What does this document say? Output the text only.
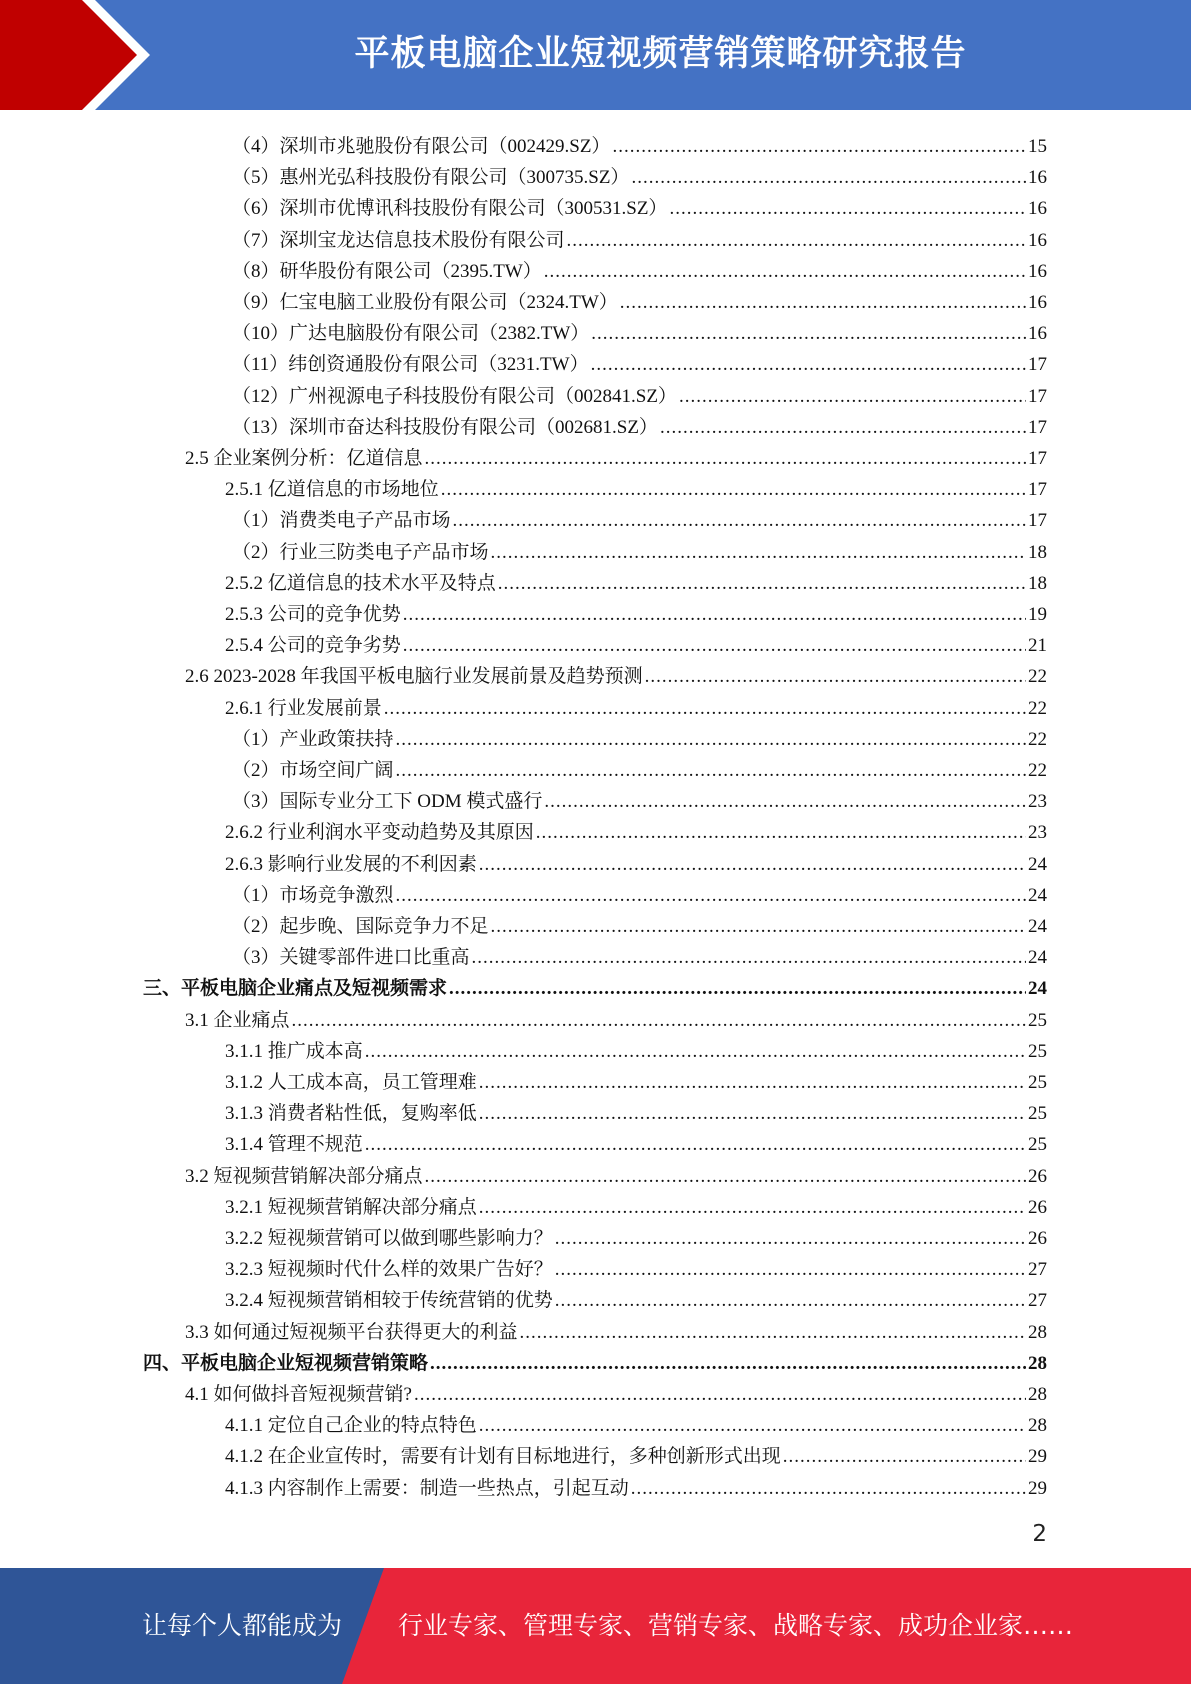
平板电脑企业短视频营销策略研究报告
（4）深圳市兆驰股份有限公司（002429.SZ） .....	15
（5）惠州光弘科技股份有限公司（300735.SZ） .....	16
（6）深圳市优博讯科技股份有限公司（300531.SZ） .....	16
（7）深圳宝龙达信息技术股份有限公司 .....	16
（8）研华股份有限公司（2395.TW） .....	16
（9）仁宝电脑工业股份有限公司（2324.TW） .....	16
（10）广达电脑股份有限公司（2382.TW） .....	16
（11）纬创资通股份有限公司（3231.TW） .....	17
（12）广州视源电子科技股份有限公司（002841.SZ） .....	17
（13）深圳市奋达科技股份有限公司（002681.SZ） .....	17
2.5 企业案例分析：亿道信息 .....	17
2.5.1 亿道信息的市场地位 .....	17
（1）消费类电子产品市场 .....	17
（2）行业三防类电子产品市场 .....	18
2.5.2 亿道信息的技术水平及特点 .....	18
2.5.3 公司的竞争优势 .....	19
2.5.4 公司的竞争劣势 .....	21
2.6 2023-2028 年我国平板电脑行业发展前景及趋势预测 .....	22
2.6.1 行业发展前景 .....	22
（1）产业政策扶持 .....	22
（2）市场空间广阔 .....	22
（3）国际专业分工下 ODM 模式盛行 .....	23
2.6.2 行业利润水平变动趋势及其原因 .....	23
2.6.3 影响行业发展的不利因素 .....	24
（1）市场竞争激烈 .....	24
（2）起步晚、国际竞争力不足 .....	24
（3）关键零部件进口比重高 .....	24
三、平板电脑企业痛点及短视频需求 .....	24
3.1 企业痛点 .....	25
3.1.1 推广成本高 .....	25
3.1.2 人工成本高，员工管理难 .....	25
3.1.3 消费者粘性低，复购率低 .....	25
3.1.4 管理不规范 .....	25
3.2 短视频营销解决部分痛点 .....	26
3.2.1 短视频营销解决部分痛点 .....	26
3.2.2 短视频营销可以做到哪些影响力？ .....	26
3.2.3 短视频时代什么样的效果广告好？ .....	27
3.2.4 短视频营销相较于传统营销的优势 .....	27
3.3 如何通过短视频平台获得更大的利益 .....	28
四、平板电脑企业短视频营销策略 .....	28
4.1 如何做抖音短视频营销? .....	28
4.1.1 定位自己企业的特点特色 .....	28
4.1.2 在企业宣传时，需要有计划有目标地进行，多种创新形式出现 .....	29
4.1.3 内容制作上需要：制造一些热点，引起互动 .....	29
2
让每个人都能成为 行业专家、管理专家、营销专家、战略专家、成功企业家……
